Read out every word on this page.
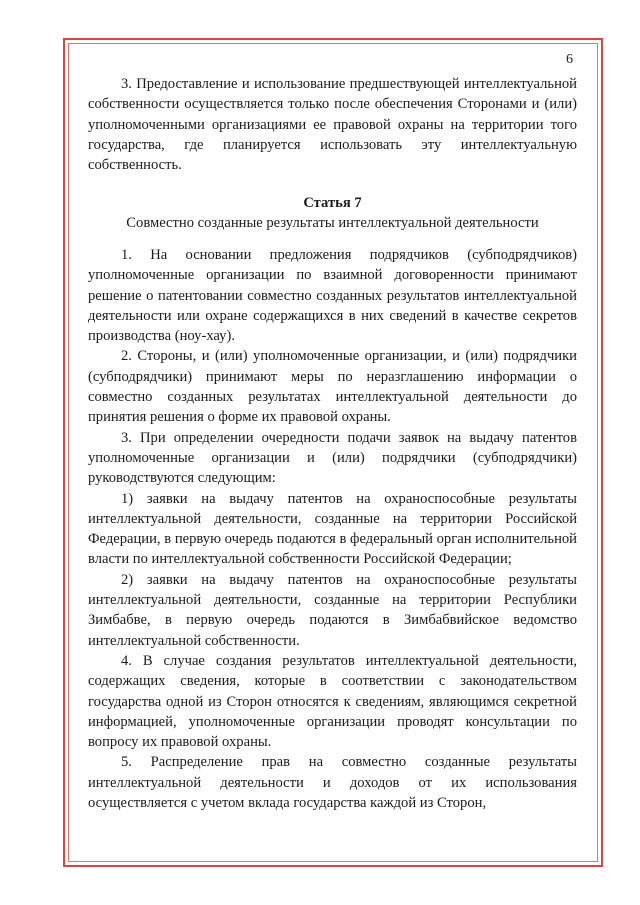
6

3. Предоставление и использование предшествующей интеллектуальной собственности осуществляется только после обеспечения Сторонами и (или) уполномоченными организациями ее правовой охраны на территории того государства, где планируется использовать эту интеллектуальную собственность.

Статья 7
Совместно созданные результаты интеллектуальной деятельности

1. На основании предложения подрядчиков (субподрядчиков) уполномоченные организации по взаимной договоренности принимают решение о патентовании совместно созданных результатов интеллектуальной деятельности или охране содержащихся в них сведений в качестве секретов производства (ноу-хау).

2. Стороны, и (или) уполномоченные организации, и (или) подрядчики (субподрядчики) принимают меры по неразглашению информации о совместно созданных результатах интеллектуальной деятельности до принятия решения о форме их правовой охраны.

3. При определении очередности подачи заявок на выдачу патентов уполномоченные организации и (или) подрядчики (субподрядчики) руководствуются следующим:

1) заявки на выдачу патентов на охраноспособные результаты интеллектуальной деятельности, созданные на территории Российской Федерации, в первую очередь подаются в федеральный орган исполнительной власти по интеллектуальной собственности Российской Федерации;

2) заявки на выдачу патентов на охраноспособные результаты интеллектуальной деятельности, созданные на территории Республики Зимбабве, в первую очередь подаются в Зимбабвийское ведомство интеллектуальной собственности.

4. В случае создания результатов интеллектуальной деятельности, содержащих сведения, которые в соответствии с законодательством государства одной из Сторон относятся к сведениям, являющимся секретной информацией, уполномоченные организации проводят консультации по вопросу их правовой охраны.

5. Распределение прав на совместно созданные результаты интеллектуальной деятельности и доходов от их использования осуществляется с учетом вклада государства каждой из Сторон,
